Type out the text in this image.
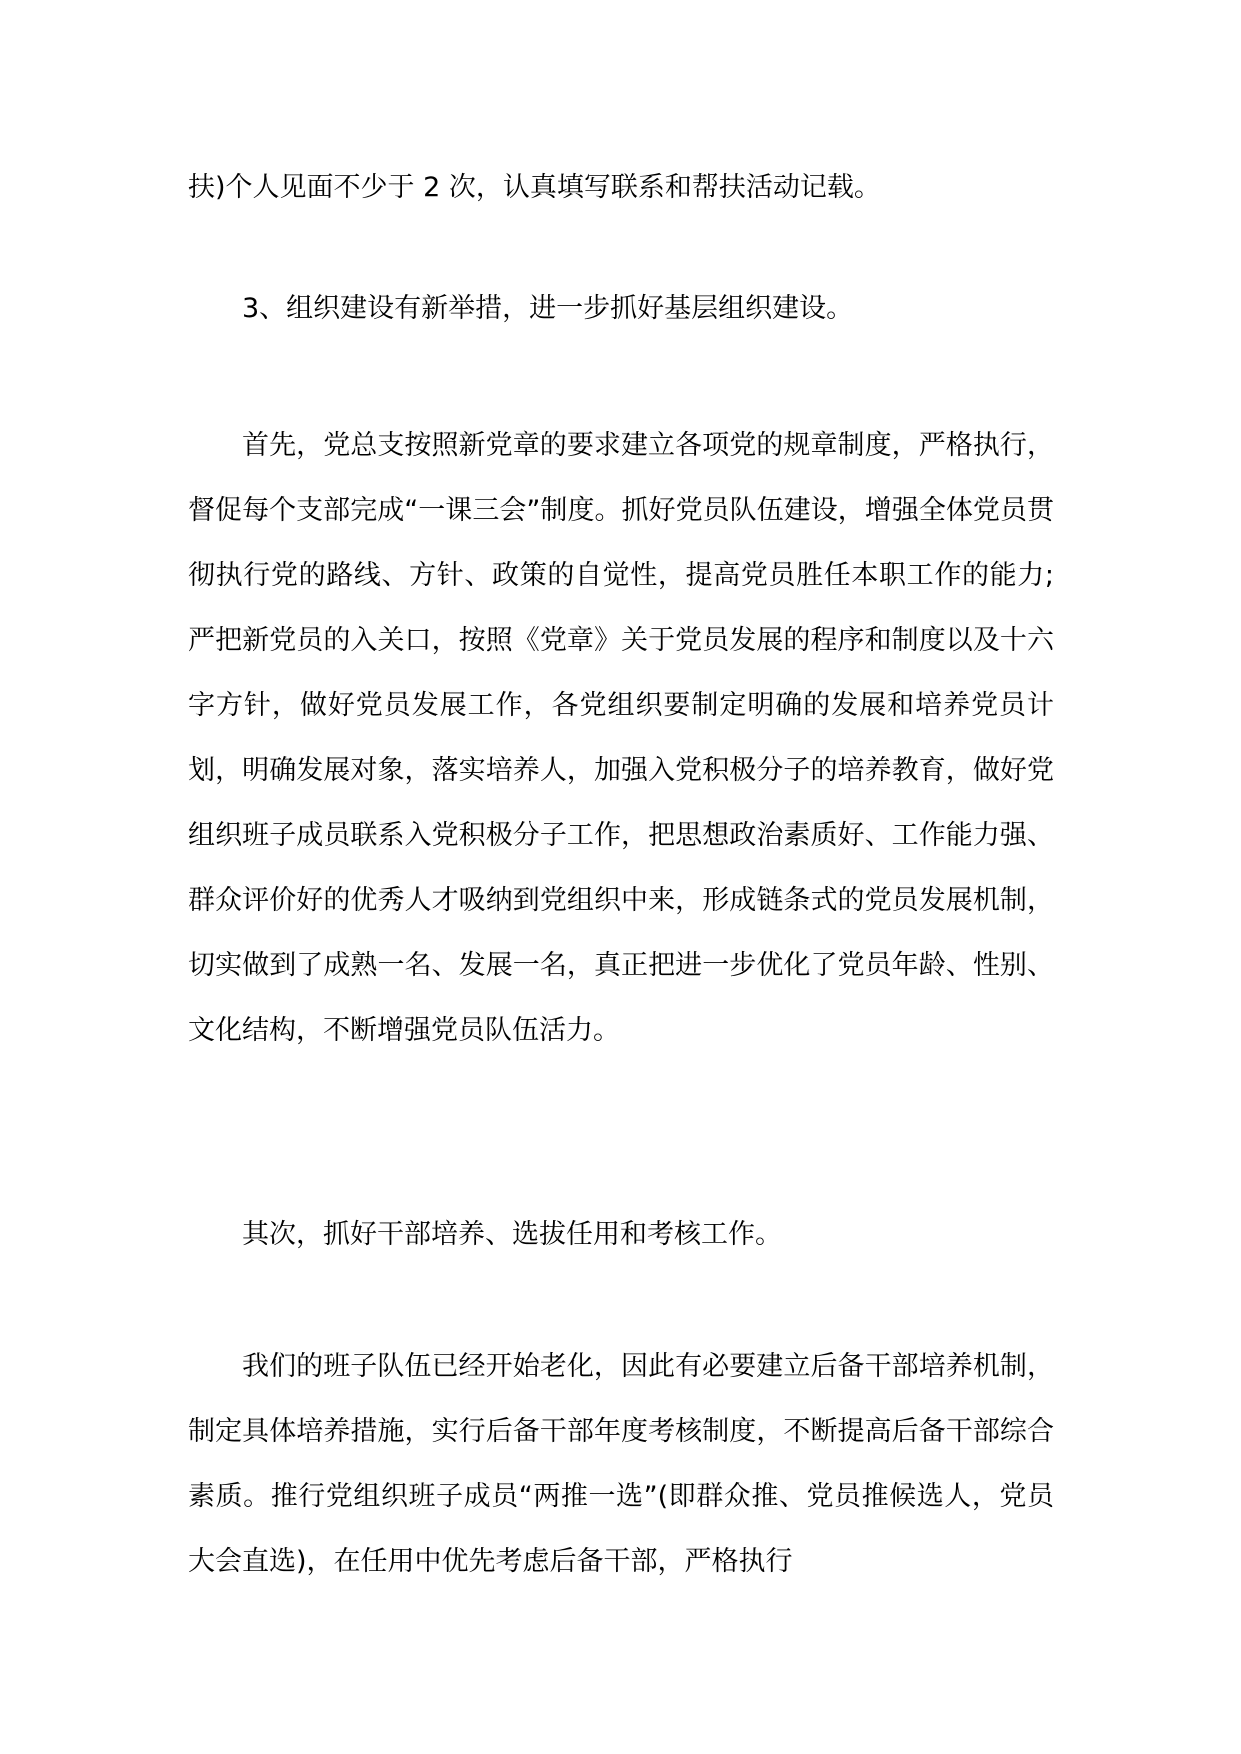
扶)个人见面不少于 2 次，认真填写联系和帮扶活动记载。

3、组织建设有新举措，进一步抓好基层组织建设。

首先，党总支按照新党章的要求建立各项党的规章制度，严格执行，督促每个支部完成“一课三会”制度。抓好党员队伍建设，增强全体党员贯彻执行党的路线、方针、政策的自觉性，提高党员胜任本职工作的能力;严把新党员的入关口，按照《党章》关于党员发展的程序和制度以及十六字方针，做好党员发展工作，各党组织要制定明确的发展和培养党员计划，明确发展对象，落实培养人，加强入党积极分子的培养教育，做好党组织班子成员联系入党积极分子工作，把思想政治素质好、工作能力强、群众评价好的优秀人才吸纳到党组织中来，形成链条式的党员发展机制，切实做到了成熟一名、发展一名，真正把进一步优化了党员年龄、性别、文化结构，不断增强党员队伍活力。

其次，抓好干部培养、选拔任用和考核工作。

我们的班子队伍已经开始老化，因此有必要建立后备干部培养机制，制定具体培养措施，实行后备干部年度考核制度，不断提高后备干部综合素质。推行党组织班子成员“两推一选”(即群众推、党员推候选人，党员大会直选)，在任用中优先考虑后备干部，严格执行
